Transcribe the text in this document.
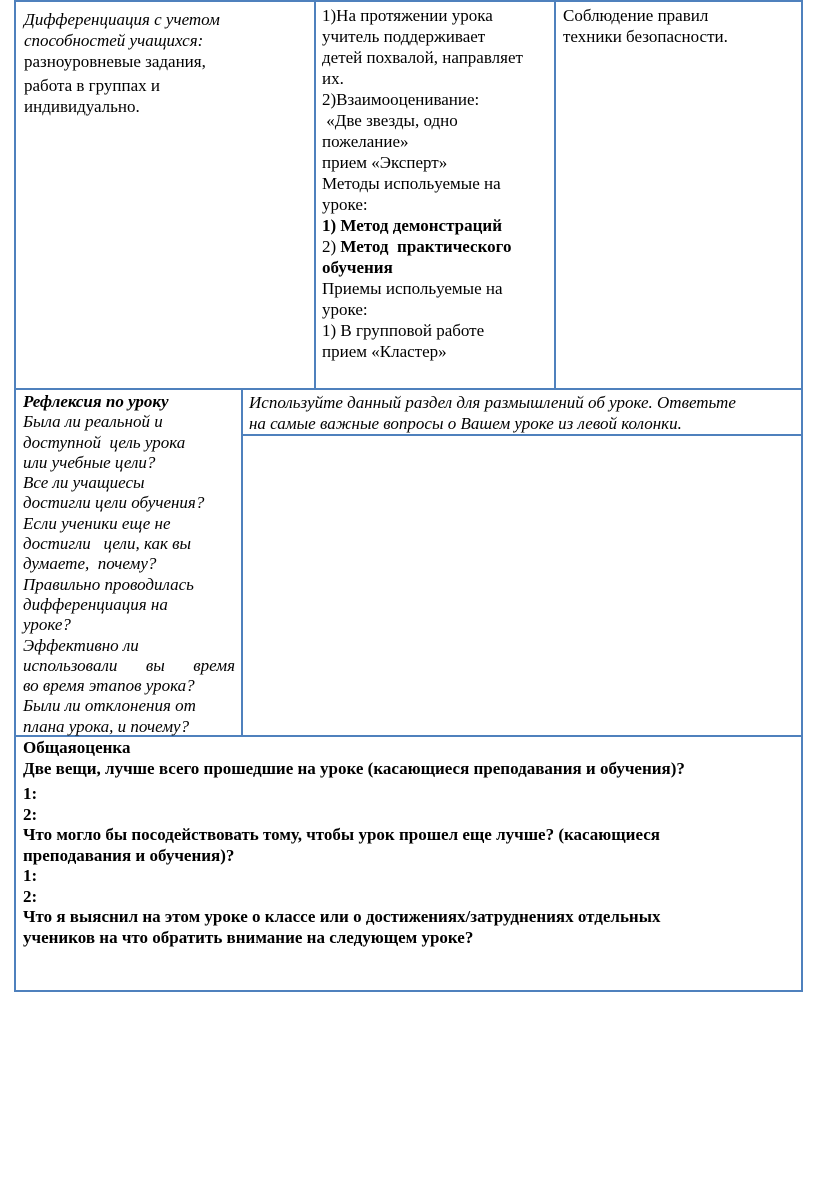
Дифференциация с учетом
способностей учащихся:
разноуровневые задания,
работа в группах и
индивидуально.
1)На протяжении урока
учитель поддерживает
детей похвалой, направляет
их.
2)Взаимооценивание:
«Две звезды, одно
пожелание»
прием «Эксперт»
Методы испольуемые на
уроке:
1) Метод демонстраций
2) Метод  практического
обучения
Приемы испольуемые на
уроке:
1) В групповой работе
прием «Кластер»
Соблюдение правил
техники безопасности.
Рефлексия по уроку
Была ли реальной и
доступной  цель урока
или учебные цели?
Все ли учащиесы
достигли цели обучения?
Если ученики еще не
достигли   цели, как вы
думаете,  почему?
Правильно проводилась
дифференциация на
уроке?
Эффективно ли
использовали вы время
во время этапов урока?
Были ли отклонения от
плана урока, и почему?
Используйте данный раздел для размышлений об уроке. Ответьте
на самые важные вопросы о Вашем уроке из левой колонки.
Общаяоценка
Две вещи, лучше всего прошедшие на уроке (касающиеся преподавания и обучения)?
1:
2:
Что могло бы посодействовать тому, чтобы урок прошел еще лучше? (касающиеся
преподавания и обучения)?
1:
2:
Что я выяснил на этом уроке о классе или о достижениях/затруднениях отдельных
учеников на что обратить внимание на следующем уроке?
